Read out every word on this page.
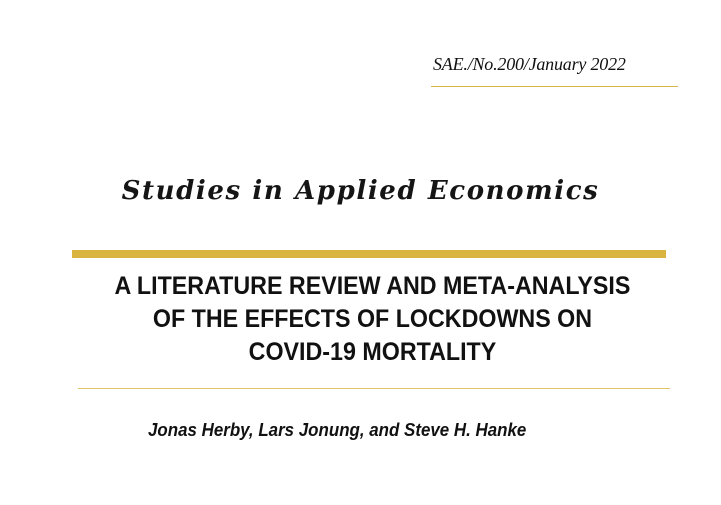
SAE./No.200/January 2022
Studies in Applied Economics
A LITERATURE REVIEW AND META-ANALYSIS
OF THE EFFECTS OF LOCKDOWNS ON
COVID-19 MORTALITY
Jonas Herby, Lars Jonung, and Steve H. Hanke
